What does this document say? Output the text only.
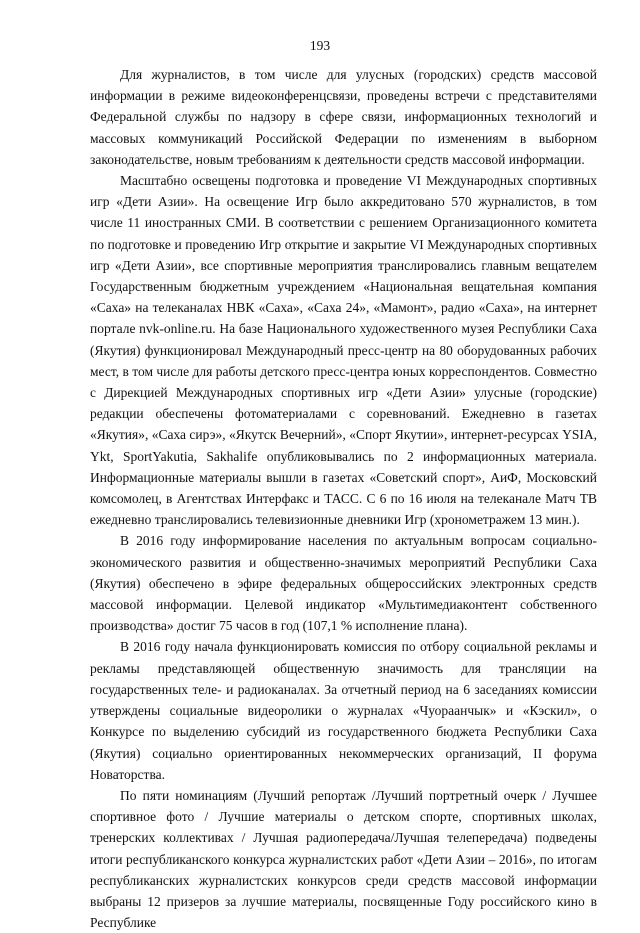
193

Для журналистов, в том числе для улусных (городских) средств массовой информации в режиме видеоконференцсвязи, проведены встречи с представителями Федеральной службы по надзору в сфере связи, информационных технологий и массовых коммуникаций Российской Федерации по изменениям в выборном законодательстве, новым требованиям к деятельности средств массовой информации.

Масштабно освещены подготовка и проведение VI Международных спортивных игр «Дети Азии». На освещение Игр было аккредитовано 570 журналистов, в том числе 11 иностранных СМИ. В соответствии с решением Организационного комитета по подготовке и проведению Игр открытие и закрытие VI Международных спортивных игр «Дети Азии», все спортивные мероприятия транслировались главным вещателем Государственным бюджетным учреждением «Национальная вещательная компания «Саха» на телеканалах НВК «Саха», «Саха 24», «Мамонт», радио «Саха», на интернет портале nvk-online.ru. На базе Национального художественного музея Республики Саха (Якутия) функционировал Международный пресс-центр на 80 оборудованных рабочих мест, в том числе для работы детского пресс-центра юных корреспондентов. Совместно с Дирекцией Международных спортивных игр «Дети Азии» улусные (городские) редакции обеспечены фотоматериалами с соревнований. Ежедневно в газетах «Якутия», «Саха сирэ», «Якутск Вечерний», «Спорт Якутии», интернет-ресурсах YSIA, Ykt, SportYakutia, Sakhalife опубликовывались по 2 информационных материала. Информационные материалы вышли в газетах «Советский спорт», АиФ, Московский комсомолец, в Агентствах Интерфакс и ТАСС. С 6 по 16 июля на телеканале Матч ТВ ежедневно транслировались телевизионные дневники Игр (хронометражем 13 мин.).

В 2016 году информирование населения по актуальным вопросам социально-экономического развития и общественно-значимых мероприятий Республики Саха (Якутия) обеспечено в эфире федеральных общероссийских электронных средств массовой информации. Целевой индикатор «Мультимедиаконтент собственного производства» достиг 75 часов в год (107,1 % исполнение плана).

В 2016 году начала функционировать комиссия по отбору социальной рекламы и рекламы представляющей общественную значимость для трансляции на государственных теле- и радиоканалах. За отчетный период на 6 заседаниях комиссии утверждены социальные видеоролики о журналах «Чуораанчык» и «Кэскил», о Конкурсе по выделению субсидий из государственного бюджета Республики Саха (Якутия) социально ориентированных некоммерческих организаций, II форума Новаторства.

По пяти номинациям (Лучший репортаж /Лучший портретный очерк / Лучшее спортивное фото / Лучшие материалы о детском спорте, спортивных школах, тренерских коллективах / Лучшая радиопередача/Лучшая телепередача) подведены итоги республиканского конкурса журналистских работ «Дети Азии – 2016», по итогам республиканских журналистских конкурсов среди средств массовой информации выбраны 12 призеров за лучшие материалы, посвященные Году российского кино в Республике
